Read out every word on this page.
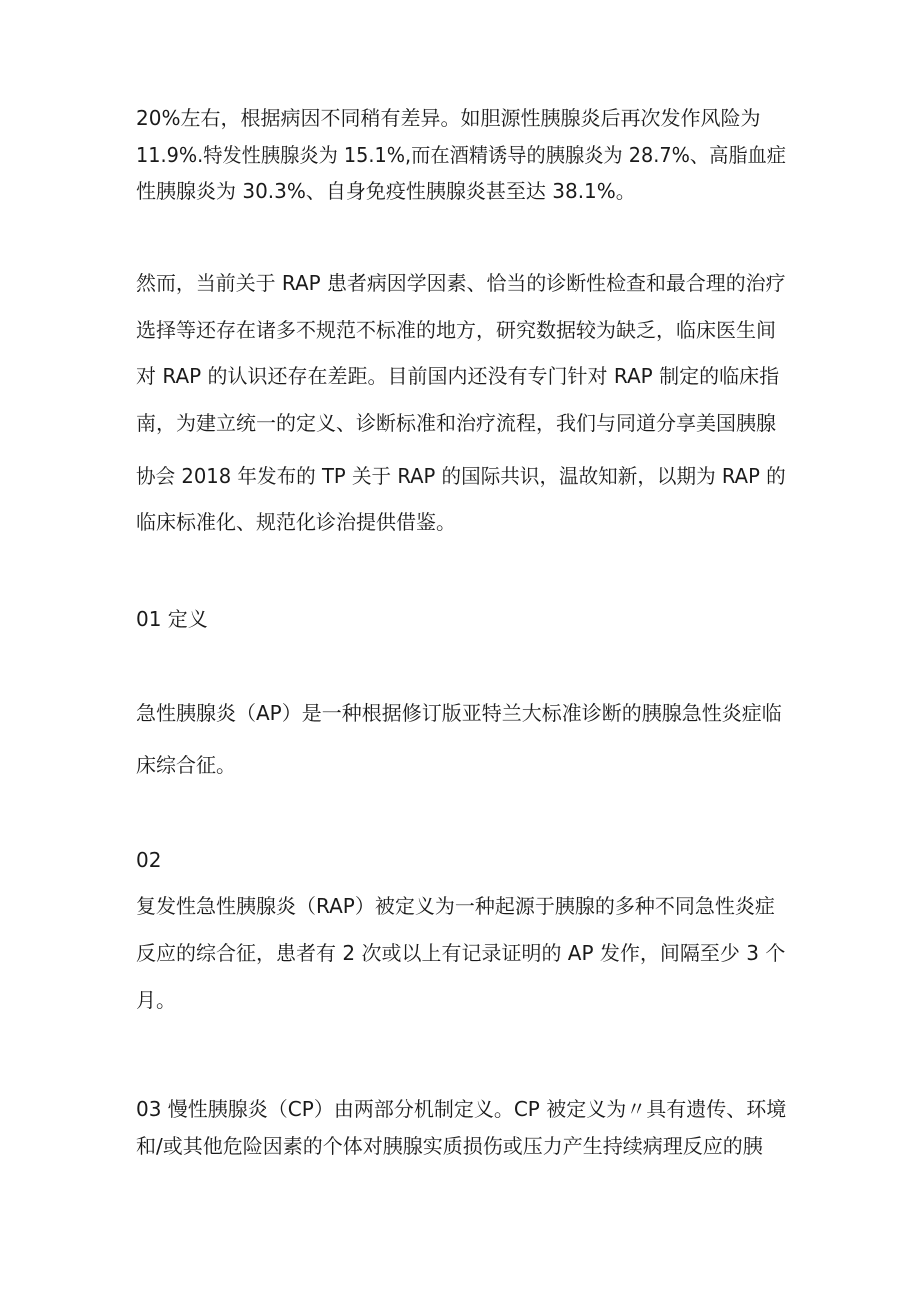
20%左右，根据病因不同稍有差异。如胆源性胰腺炎后再次发作风险为
11.9%.特发性胰腺炎为 15.1%,而在酒精诱导的胰腺炎为 28.7%、高脂血症
性胰腺炎为 30.3%、自身免疫性胰腺炎甚至达 38.1%。
然而，当前关于 RAP 患者病因学因素、恰当的诊断性检查和最合理的治疗
选择等还存在诸多不规范不标准的地方，研究数据较为缺乏，临床医生间
对 RAP 的认识还存在差距。目前国内还没有专门针对 RAP 制定的临床指
南，为建立统一的定义、诊断标准和治疗流程，我们与同道分享美国胰腺
协会 2018 年发布的 TP 关于 RAP 的国际共识，温故知新，以期为 RAP 的
临床标准化、规范化诊治提供借鉴。
01 定义
急性胰腺炎（AP）是一种根据修订版亚特兰大标准诊断的胰腺急性炎症临
床综合征。
02
复发性急性胰腺炎（RAP）被定义为一种起源于胰腺的多种不同急性炎症
反应的综合征，患者有 2 次或以上有记录证明的 AP 发作，间隔至少 3 个
月。
03 慢性胰腺炎（CP）由两部分机制定义。CP 被定义为〃具有遗传、环境
和/或其他危险因素的个体对胰腺实质损伤或压力产生持续病理反应的胰
